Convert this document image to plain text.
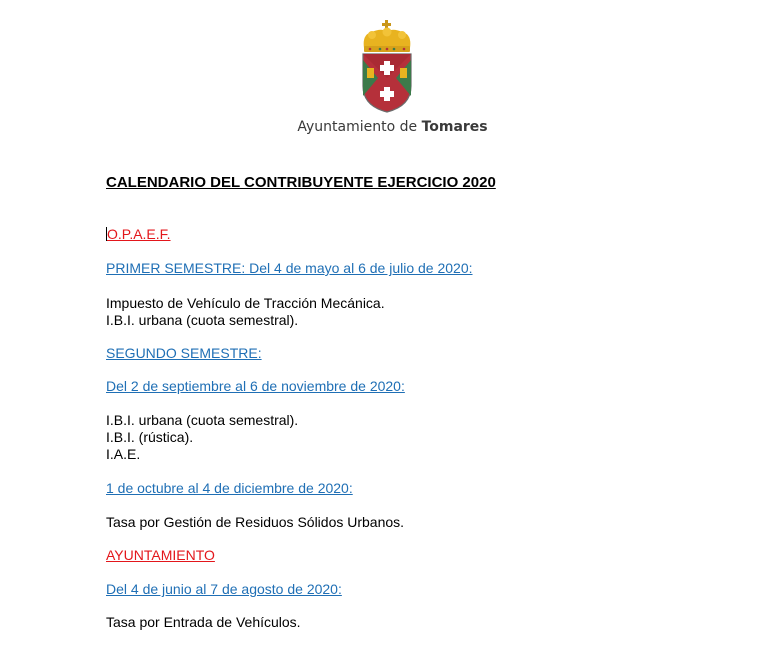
Ayuntamiento de Tomares
CALENDARIO DEL CONTRIBUYENTE EJERCICIO 2020
O.P.A.E.F.
PRIMER SEMESTRE: Del 4 de mayo al 6 de julio de 2020:
Impuesto de Vehículo de Tracción Mecánica.
I.B.I. urbana (cuota semestral).
SEGUNDO SEMESTRE:
Del 2 de septiembre al 6 de noviembre de 2020:
I.B.I. urbana (cuota semestral).
I.B.I. (rústica).
I.A.E.
1 de octubre al 4 de diciembre de 2020:
Tasa por Gestión de Residuos Sólidos Urbanos.
AYUNTAMIENTO
Del 4 de junio al 7 de agosto de 2020:
Tasa por Entrada de Vehículos.
